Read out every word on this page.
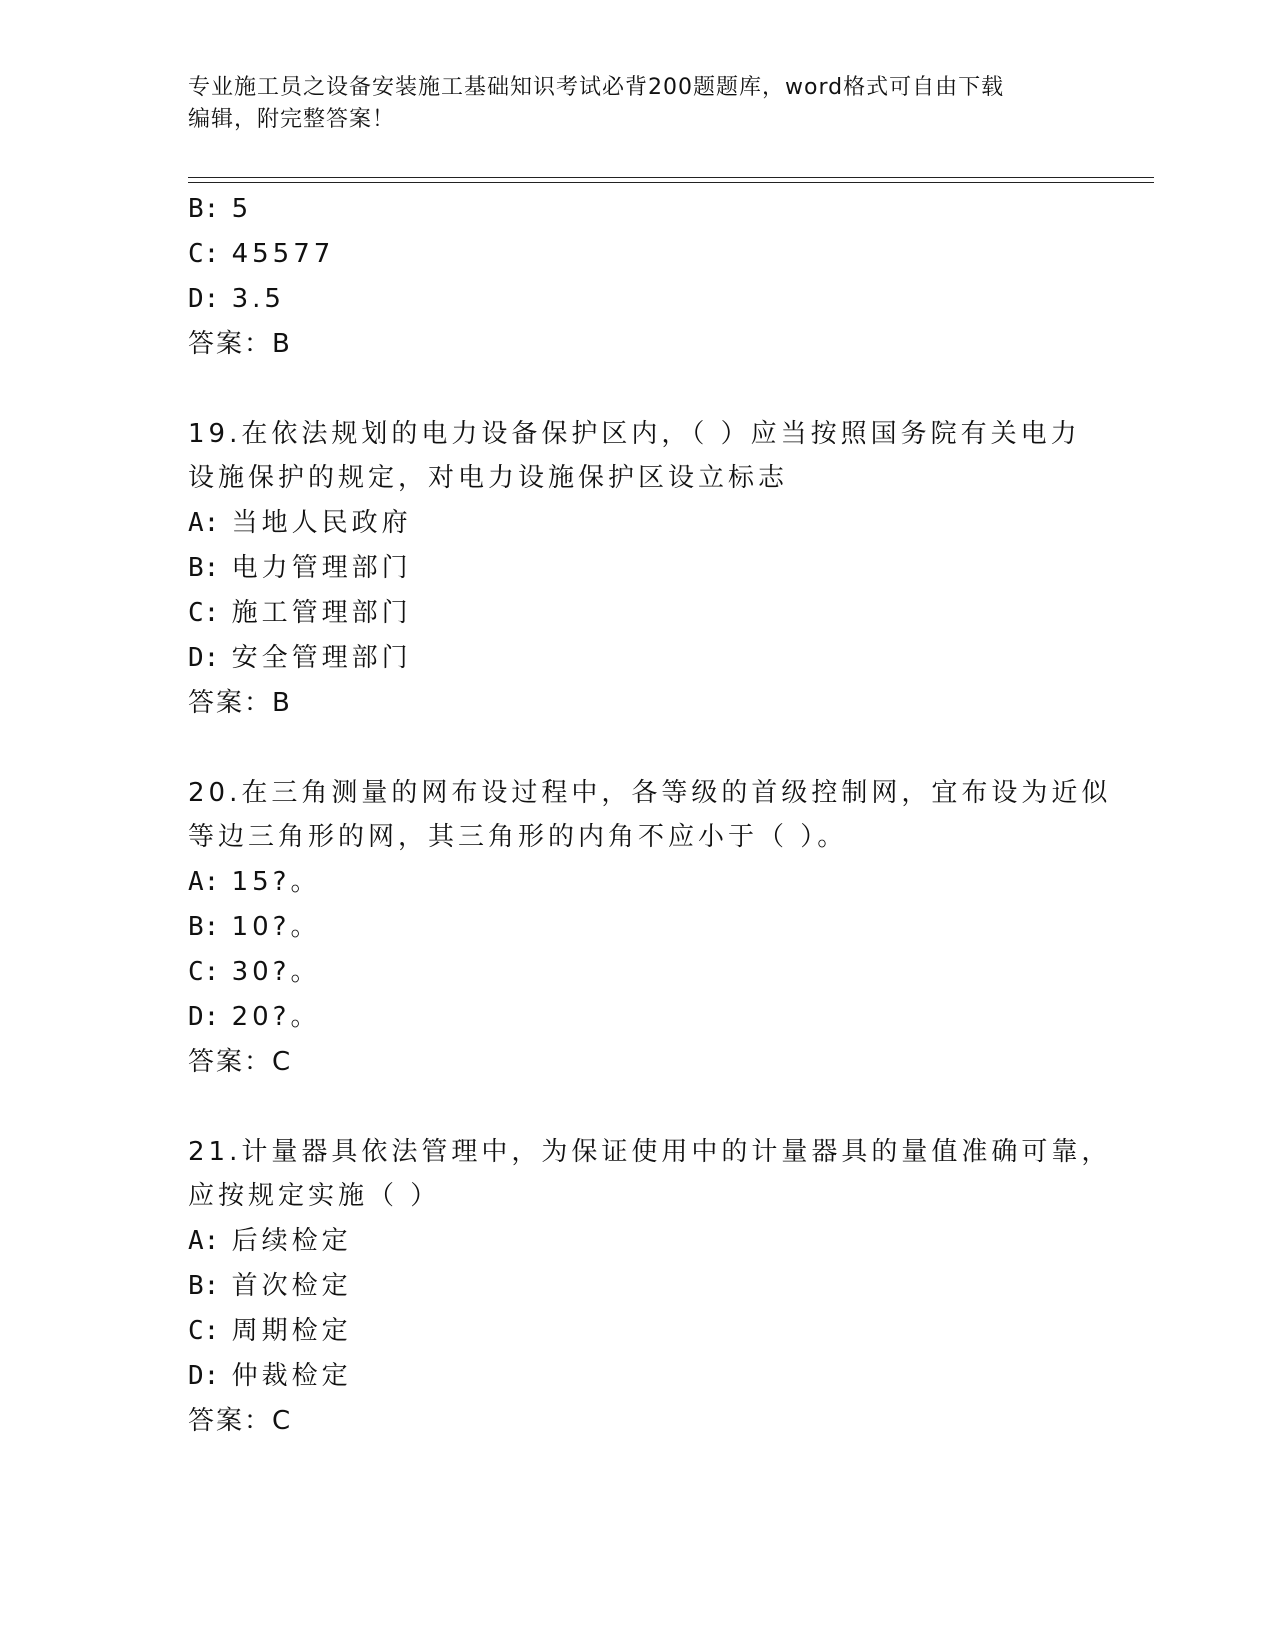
专业施工员之设备安装施工基础知识考试必背200题题库，word格式可自由下载
编辑，附完整答案！
B: 5
C: 45577
D: 3.5
答案：B
19.在依法规划的电力设备保护区内，（ ）应当按照国务院有关电力
设施保护的规定，对电力设施保护区设立标志
A: 当地人民政府
B: 电力管理部门
C: 施工管理部门
D: 安全管理部门
答案：B
20.在三角测量的网布设过程中，各等级的首级控制网，宜布设为近似
等边三角形的网，其三角形的内角不应小于（ ）。
A: 15?。
B: 10?。
C: 30?。
D: 20?。
答案：C
21.计量器具依法管理中，为保证使用中的计量器具的量值准确可靠，
应按规定实施（ ）
A: 后续检定
B: 首次检定
C: 周期检定
D: 仲裁检定
答案：C
